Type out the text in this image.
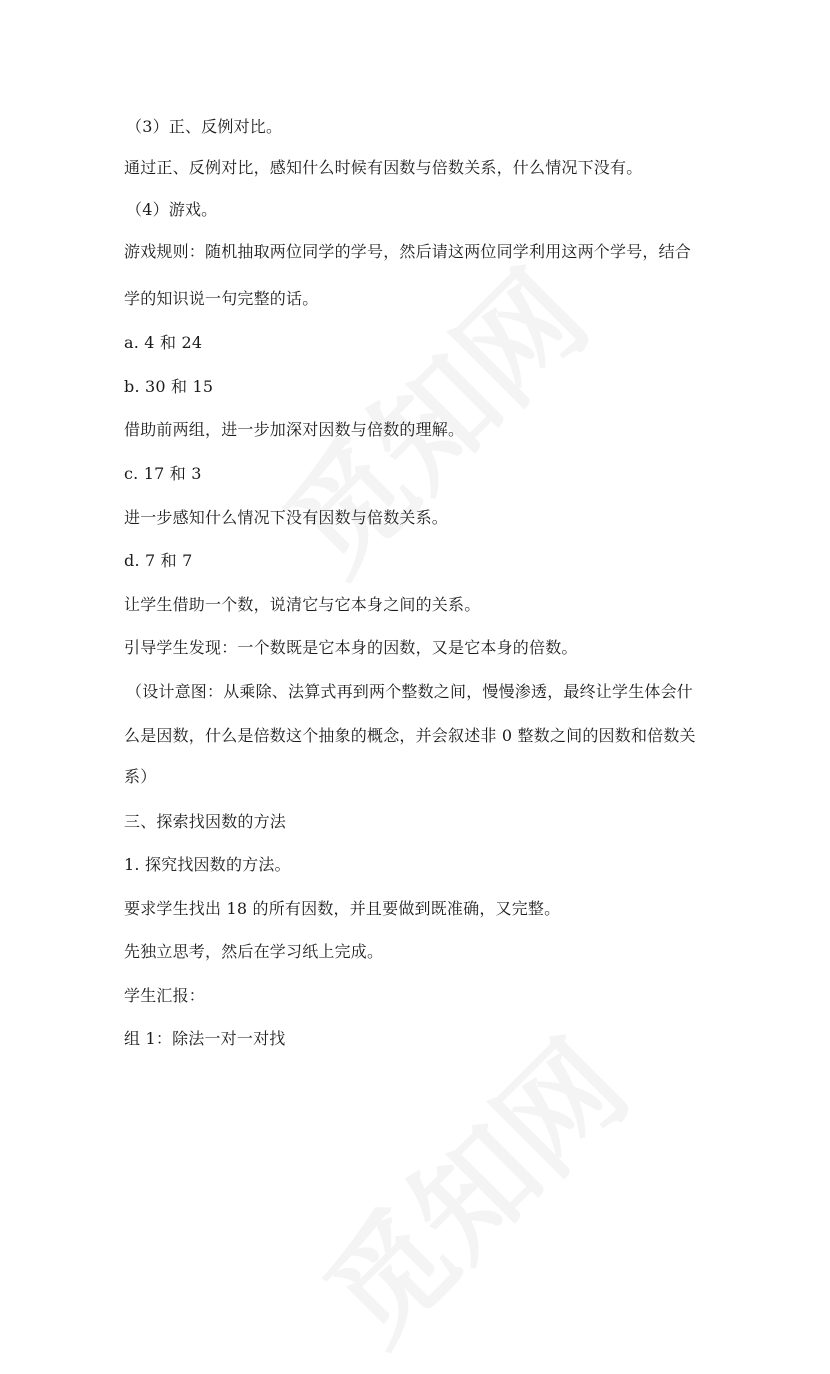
（3）正、反例对比。
通过正、反例对比，感知什么时候有因数与倍数关系，什么情况下没有。
（4）游戏。
游戏规则：随机抽取两位同学的学号，然后请这两位同学利用这两个学号，结合
学的知识说一句完整的话。
a. 4 和 24
b. 30 和 15
借助前两组，进一步加深对因数与倍数的理解。
c. 17 和 3
进一步感知什么情况下没有因数与倍数关系。
d. 7 和 7
让学生借助一个数，说清它与它本身之间的关系。
引导学生发现：一个数既是它本身的因数，又是它本身的倍数。
（设计意图：从乘除、法算式再到两个整数之间，慢慢渗透，最终让学生体会什
么是因数，什么是倍数这个抽象的概念，并会叙述非 0 整数之间的因数和倍数关
系）
三、探索找因数的方法
1. 探究找因数的方法。
要求学生找出 18 的所有因数，并且要做到既准确，又完整。
先独立思考，然后在学习纸上完成。
学生汇报：
组 1：除法一对一对找
